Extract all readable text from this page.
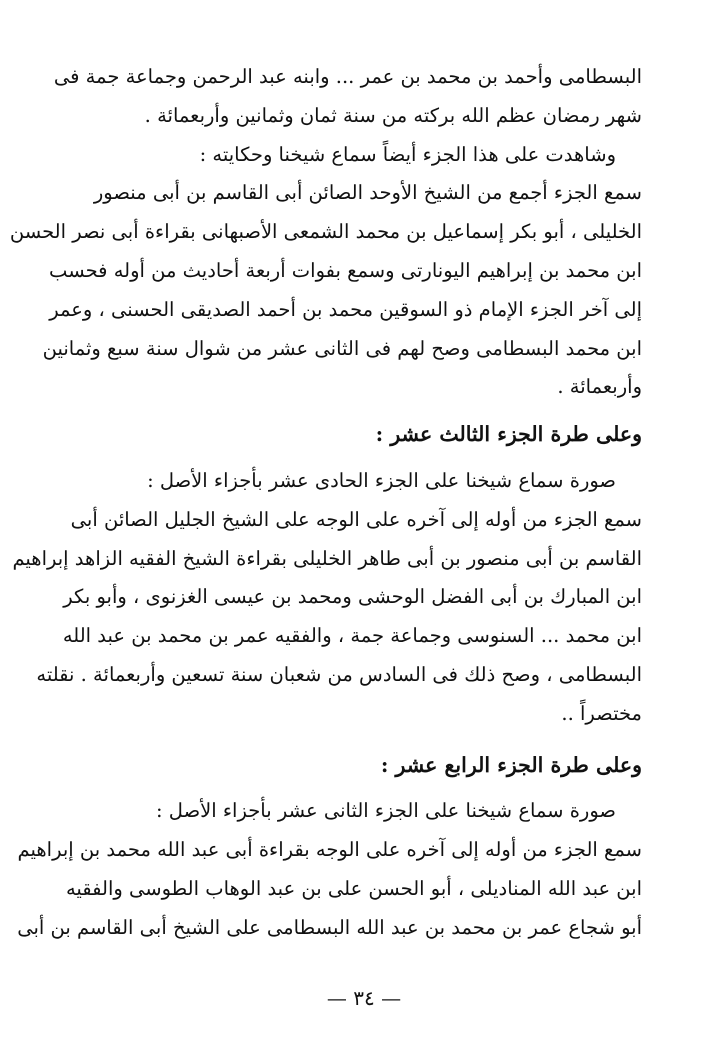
البسطامى وأحمد بن محمد بن عمر ... وابنه عبد الرحمن وجماعة جمة فى
شهر رمضان عظم الله بركته من سنة ثمان وثمانين وأربعمائة .
وشاهدت على هذا الجزء أيضاً سماع شيخنا وحكايته :
سمع الجزء أجمع من الشيخ الأوحد الصائن أبى القاسم بن أبى منصور
الخليلى ، أبو بكر إسماعيل بن محمد الشمعى الأصبهانى بقراءة أبى نصر الحسن
ابن محمد بن إبراهيم اليونارتى وسمع بفوات أربعة أحاديث من أوله فحسب
إلى آخر الجزء الإمام ذو السوقين محمد بن أحمد الصديقى الحسنى ، وعمر
ابن محمد البسطامى وصح لهم فى الثانى عشر من شوال سنة سبع وثمانين
وأربعمائة .
وعلى طرة الجزء الثالث عشر :
صورة سماع شيخنا على الجزء الحادى عشر بأجزاء الأصل :
سمع الجزء من أوله إلى آخره على الوجه على الشيخ الجليل الصائن أبى
القاسم بن أبى منصور بن أبى طاهر الخليلى بقراءة الشيخ الفقيه الزاهد إبراهيم
ابن المبارك بن أبى الفضل الوحشى ومحمد بن عيسى الغزنوى ، وأبو بكر
ابن محمد ... السنوسى وجماعة جمة ، والفقيه عمر بن محمد بن عبد الله
البسطامى ، وصح ذلك فى السادس من شعبان سنة تسعين وأربعمائة . نقلته
مختصراً ..
وعلى طرة الجزء الرابع عشر :
صورة سماع شيخنا على الجزء الثانى عشر بأجزاء الأصل :
سمع الجزء من أوله إلى آخره على الوجه بقراءة أبى عبد الله محمد بن إبراهيم
ابن عبد الله المناديلى ، أبو الحسن على بن عبد الوهاب الطوسى والفقيه
أبو شجاع عمر بن محمد بن عبد الله البسطامى على الشيخ أبى القاسم بن أبى
— ٣٤ —
